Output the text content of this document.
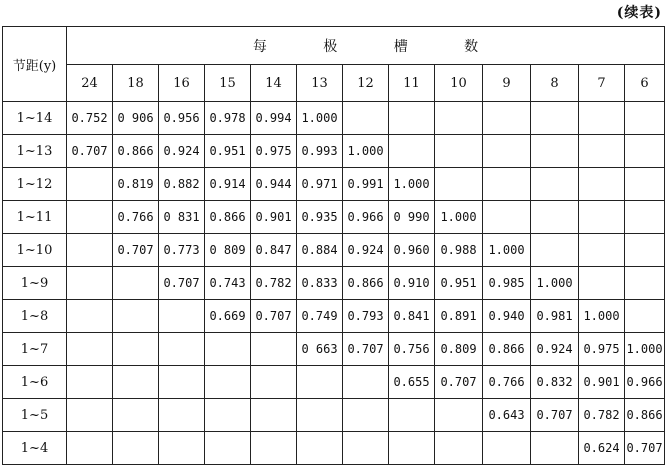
(续表)
节距(y)	每 极 槽 数												
	24	18	16	15	14	13	12	11	10	9	8	7	6
1~14	0.752	0 906	0.956	0.978	0.994	1.000							
1~13	0.707	0.866	0.924	0.951	0.975	0.993	1.000						
1~12		0.819	0.882	0.914	0.944	0.971	0.991	1.000					
1~11		0.766	0 831	0.866	0.901	0.935	0.966	0 990	1.000				
1~10		0.707	0.773	0 809	0.847	0.884	0.924	0.960	0.988	1.000			
1~9			0.707	0.743	0.782	0.833	0.866	0.910	0.951	0.985	1.000		
1~8				0.669	0.707	0.749	0.793	0.841	0.891	0.940	0.981	1.000	
1~7						0 663	0.707	0.756	0.809	0.866	0.924	0.975	1.000
1~6								0.655	0.707	0.766	0.832	0.901	0.966
1~5										0.643	0.707	0.782	0.866
1~4												0.624	0.707
